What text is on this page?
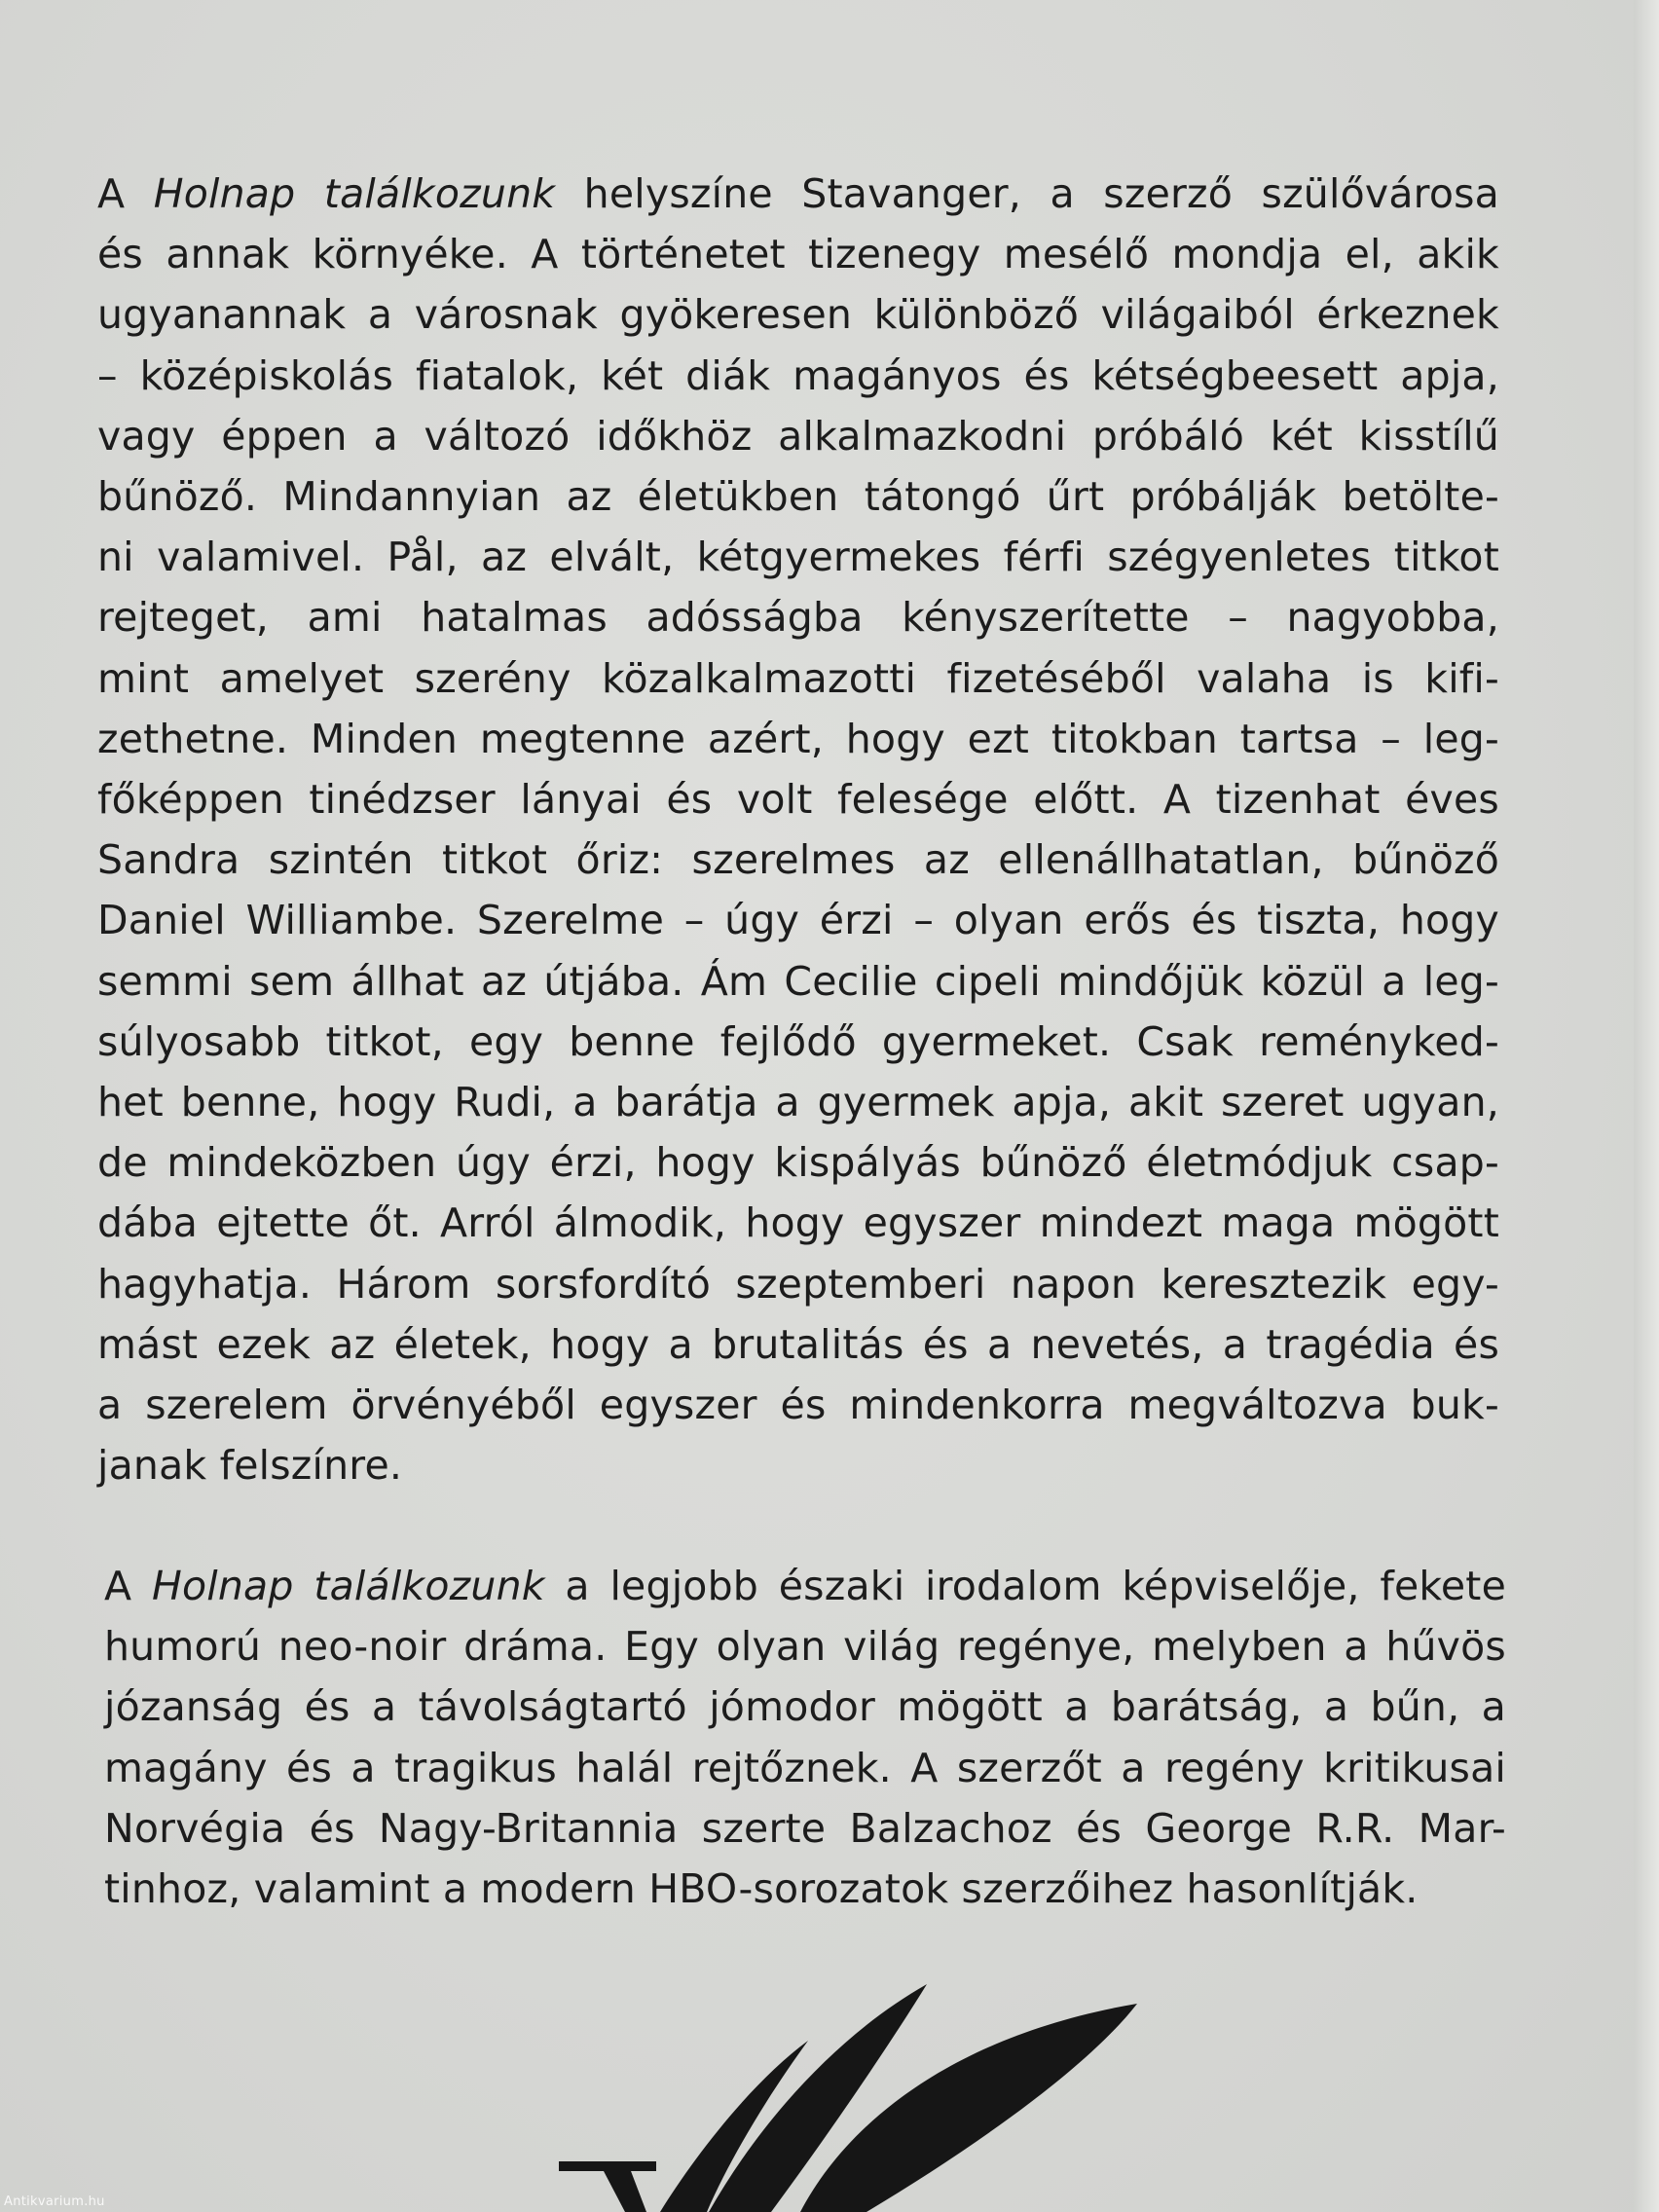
A Holnap találkozunk helyszíne Stavanger, a szerző szülővárosa
és annak környéke. A történetet tizenegy mesélő mondja el, akik
ugyanannak a városnak gyökeresen különböző világaiból érkeznek
– középiskolás fiatalok, két diák magányos és kétségbeesett apja,
vagy éppen a változó időkhöz alkalmazkodni próbáló két kisstílű
bűnöző. Mindannyian az életükben tátongó űrt próbálják betölte-
ni valamivel. Pål, az elvált, kétgyermekes férfi szégyenletes titkot
rejteget, ami hatalmas adósságba kényszerítette – nagyobba,
mint amelyet szerény közalkalmazotti fizetéséből valaha is kifi-
zethetne. Minden megtenne azért, hogy ezt titokban tartsa – leg-
főképpen tinédzser lányai és volt felesége előtt. A tizenhat éves
Sandra szintén titkot őriz: szerelmes az ellenállhatatlan, bűnöző
Daniel Williambe. Szerelme – úgy érzi – olyan erős és tiszta, hogy
semmi sem állhat az útjába. Ám Cecilie cipeli mindőjük közül a leg-
súlyosabb titkot, egy benne fejlődő gyermeket. Csak reményked-
het benne, hogy Rudi, a barátja a gyermek apja, akit szeret ugyan,
de mindeközben úgy érzi, hogy kispályás bűnöző életmódjuk csap-
dába ejtette őt. Arról álmodik, hogy egyszer mindezt maga mögött
hagyhatja. Három sorsfordító szeptemberi napon keresztezik egy-
mást ezek az életek, hogy a brutalitás és a nevetés, a tragédia és
a szerelem örvényéből egyszer és mindenkorra megváltozva buk-
janak felszínre.

A Holnap találkozunk a legjobb északi irodalom képviselője, fekete
humorú neo-noir dráma. Egy olyan világ regénye, melyben a hűvös
józanság és a távolságtartó jómodor mögött a barátság, a bűn, a
magány és a tragikus halál rejtőznek. A szerzőt a regény kritikusai
Norvégia és Nagy-Britannia szerte Balzachoz és George R.R. Mar-
tinhoz, valamint a modern HBO-sorozatok szerzőihez hasonlítják.

Antikvarium.hu
